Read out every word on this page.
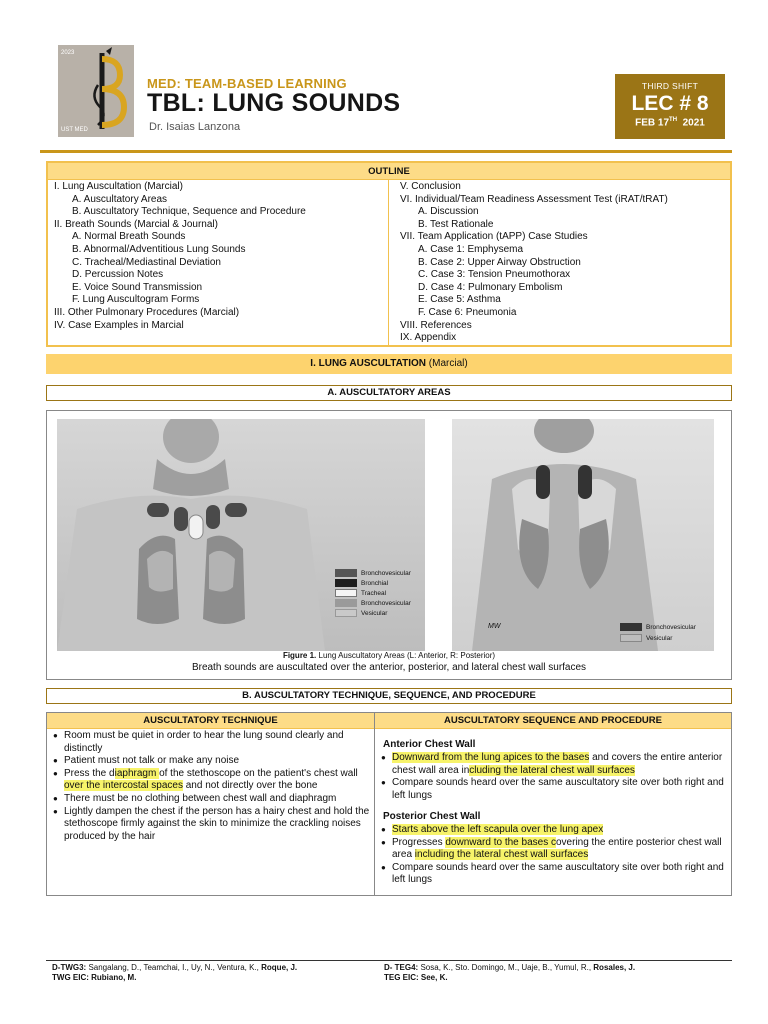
2023
UST MED
MED: TEAM-BASED LEARNING
TBL: LUNG SOUNDS
Dr. Isaias Lanzona
THIRD SHIFT
LEC # 8
FEB 17TH 2021
OUTLINE
I. Lung Auscultation (Marcial)
A. Auscultatory Areas
B. Auscultatory Technique, Sequence and Procedure
II. Breath Sounds (Marcial & Journal)
A. Normal Breath Sounds
B. Abnormal/Adventitious Lung Sounds
C. Tracheal/Mediastinal Deviation
D. Percussion Notes
E. Voice Sound Transmission
F. Lung Auscultogram Forms
III. Other Pulmonary Procedures (Marcial)
IV. Case Examples in Marcial
V. Conclusion
VI. Individual/Team Readiness Assessment Test (iRAT/tRAT)
A. Discussion
B. Test Rationale
VII. Team Application (tAPP) Case Studies
A. Case 1: Emphysema
B. Case 2: Upper Airway Obstruction
C. Case 3: Tension Pneumothorax
D. Case 4: Pulmonary Embolism
E. Case 5: Asthma
F. Case 6: Pneumonia
VIII. References
IX. Appendix
I. LUNG AUSCULTATION (Marcial)
A. AUSCULTATORY AREAS
Bronchovesicular
Bronchial
Tracheal
Bronchovesicular
Vesicular
MW	Bronchovesicular
Vesicular
Figure 1. Lung Auscultatory Areas (L: Anterior, R: Posterior)
Breath sounds are auscultated over the anterior, posterior, and lateral chest wall surfaces
B. AUSCULTATORY TECHNIQUE, SEQUENCE, AND PROCEDURE
AUSCULTATORY TECHNIQUE	AUSCULTATORY SEQUENCE AND PROCEDURE
● Room must be quiet in order to hear the lung sound clearly and distinctly
● Patient must not talk or make any noise
● Press the diaphragm of the stethoscope on the patient's chest wall over the intercostal spaces and not directly over the bone
● There must be no clothing between chest wall and diaphragm
● Lightly dampen the chest if the person has a hairy chest and hold the stethoscope firmly against the skin to minimize the crackling noises produced by the hair
Anterior Chest Wall
● Downward from the lung apices to the bases and covers the entire anterior chest wall area including the lateral chest wall surfaces
● Compare sounds heard over the same auscultatory site over both right and left lungs
Posterior Chest Wall
● Starts above the left scapula over the lung apex
● Progresses downward to the bases covering the entire posterior chest wall area including the lateral chest wall surfaces
● Compare sounds heard over the same auscultatory site over both right and left lungs
D-TWG3: Sangalang, D., Teamchai, I., Uy, N., Ventura, K., Roque, J.
TWG EIC: Rubiano, M.
D- TEG4: Sosa, K., Sto. Domingo, M., Uaje, B., Yumul, R., Rosales, J.
TEG EIC: See, K.
